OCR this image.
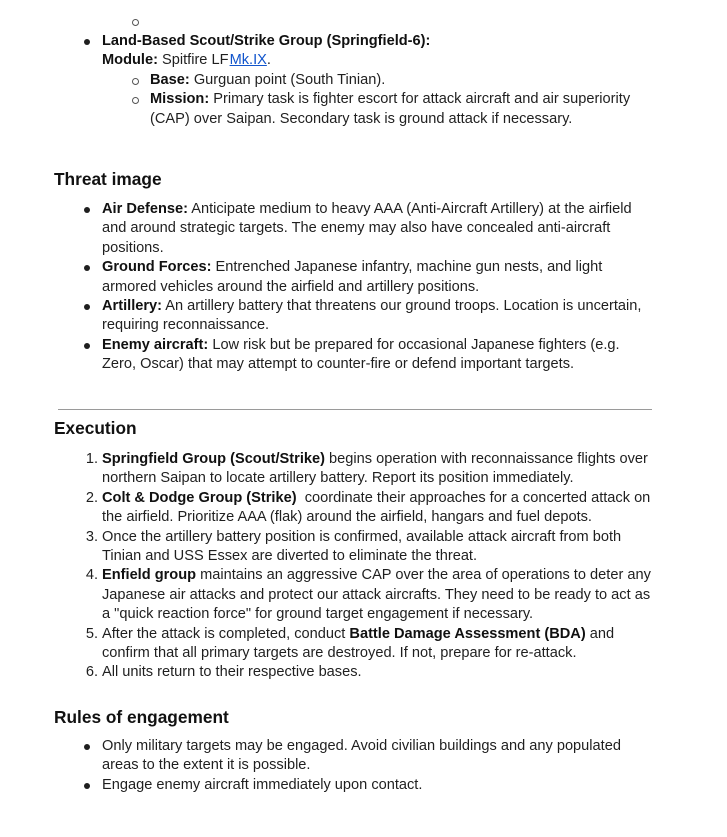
Land-Based Scout/Strike Group (Springfield-6):
Module: Spitfire LF Mk.IX.
Base: Gurguan point (South Tinian).
Mission: Primary task is fighter escort for attack aircraft and air superiority (CAP) over Saipan. Secondary task is ground attack if necessary.
Threat image
Air Defense: Anticipate medium to heavy AAA (Anti-Aircraft Artillery) at the airfield and around strategic targets. The enemy may also have concealed anti-aircraft positions.
Ground Forces: Entrenched Japanese infantry, machine gun nests, and light armored vehicles around the airfield and artillery positions.
Artillery: An artillery battery that threatens our ground troops. Location is uncertain, requiring reconnaissance.
Enemy aircraft: Low risk but be prepared for occasional Japanese fighters (e.g. Zero, Oscar) that may attempt to counter-fire or defend important targets.
Execution
1. Springfield Group (Scout/Strike) begins operation with reconnaissance flights over northern Saipan to locate artillery battery. Report its position immediately.
2. Colt & Dodge Group (Strike)  coordinate their approaches for a concerted attack on the airfield. Prioritize AAA (flak) around the airfield, hangars and fuel depots.
3. Once the artillery battery position is confirmed, available attack aircraft from both Tinian and USS Essex are diverted to eliminate the threat.
4. Enfield group maintains an aggressive CAP over the area of operations to deter any Japanese air attacks and protect our attack aircrafts. They need to be ready to act as a "quick reaction force" for ground target engagement if necessary.
5. After the attack is completed, conduct Battle Damage Assessment (BDA) and confirm that all primary targets are destroyed. If not, prepare for re-attack.
6. All units return to their respective bases.
Rules of engagement
Only military targets may be engaged. Avoid civilian buildings and any populated areas to the extent it is possible.
Engage enemy aircraft immediately upon contact.
